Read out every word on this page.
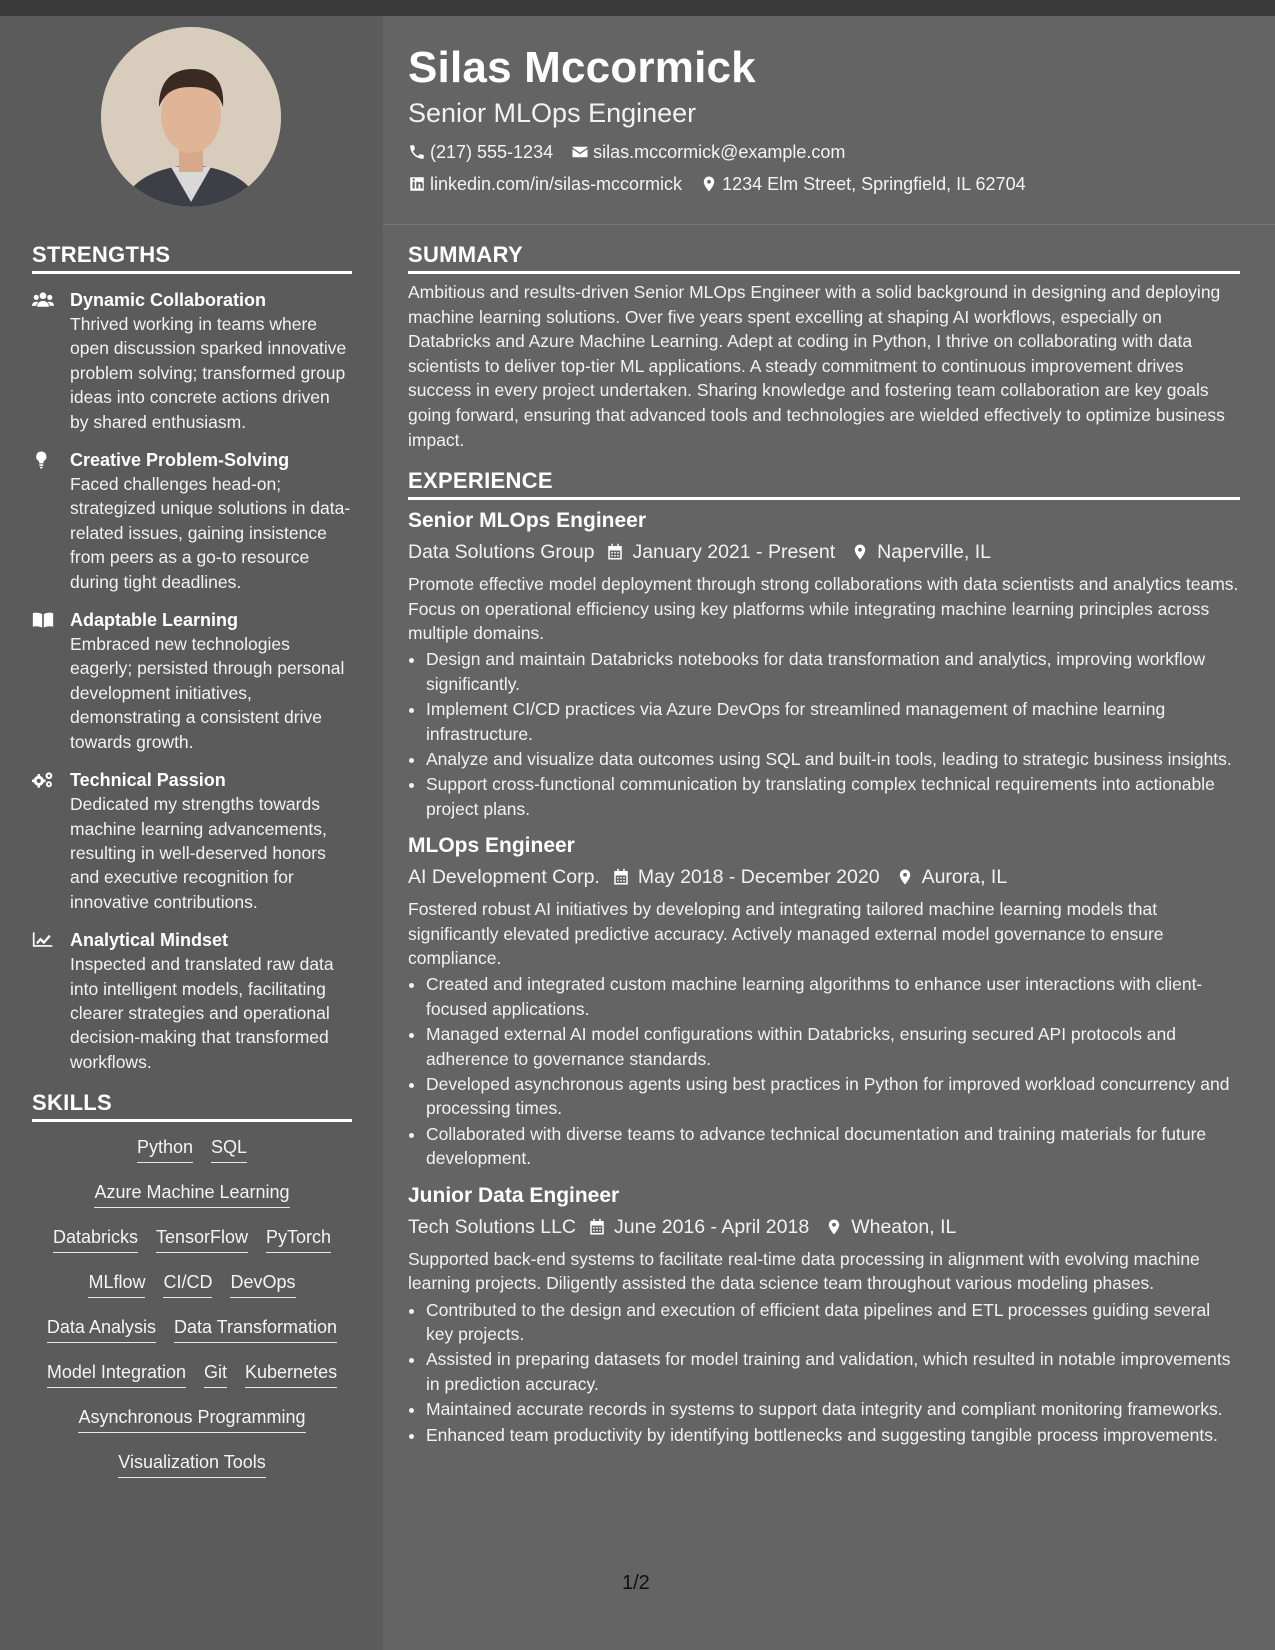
Silas Mccormick
Senior MLOps Engineer
(217) 555-1234 silas.mccormick@example.com
linkedin.com/in/silas-mccormick 1234 Elm Street, Springfield, IL 62704
STRENGTHS
Dynamic Collaboration
Thrived working in teams where open discussion sparked innovative problem solving; transformed group ideas into concrete actions driven by shared enthusiasm.
Creative Problem-Solving
Faced challenges head-on; strategized unique solutions in data-related issues, gaining insistence from peers as a go-to resource during tight deadlines.
Adaptable Learning
Embraced new technologies eagerly; persisted through personal development initiatives, demonstrating a consistent drive towards growth.
Technical Passion
Dedicated my strengths towards machine learning advancements, resulting in well-deserved honors and executive recognition for innovative contributions.
Analytical Mindset
Inspected and translated raw data into intelligent models, facilitating clearer strategies and operational decision-making that transformed workflows.
SKILLS
Python SQL
Azure Machine Learning
Databricks TensorFlow PyTorch
MLflow CI/CD DevOps
Data Analysis Data Transformation
Model Integration Git Kubernetes
Asynchronous Programming
Visualization Tools
SUMMARY

Ambitious and results-driven Senior MLOps Engineer with a solid background in designing and deploying machine learning solutions. Over five years spent excelling at shaping AI workflows, especially on Databricks and Azure Machine Learning. Adept at coding in Python, I thrive on collaborating with data scientists to deliver top-tier ML applications. A steady commitment to continuous improvement drives success in every project undertaken. Sharing knowledge and fostering team collaboration are key goals going forward, ensuring that advanced tools and technologies are wielded effectively to optimize business impact.

EXPERIENCE
Senior MLOps Engineer
Data Solutions Group January 2021 - Present Naperville, IL
Promote effective model deployment through strong collaborations with data scientists and analytics teams. Focus on operational efficiency using key platforms while integrating machine learning principles across multiple domains.
• Design and maintain Databricks notebooks for data transformation and analytics, improving workflow significantly.
• Implement CI/CD practices via Azure DevOps for streamlined management of machine learning infrastructure.
• Analyze and visualize data outcomes using SQL and built-in tools, leading to strategic business insights.
• Support cross-functional communication by translating complex technical requirements into actionable project plans.
MLOps Engineer
AI Development Corp. May 2018 - December 2020 Aurora, IL
Fostered robust AI initiatives by developing and integrating tailored machine learning models that significantly elevated predictive accuracy. Actively managed external model governance to ensure compliance.
• Created and integrated custom machine learning algorithms to enhance user interactions with client-focused applications.
• Managed external AI model configurations within Databricks, ensuring secured API protocols and adherence to governance standards.
• Developed asynchronous agents using best practices in Python for improved workload concurrency and processing times.
• Collaborated with diverse teams to advance technical documentation and training materials for future development.
Junior Data Engineer
Tech Solutions LLC June 2016 - April 2018 Wheaton, IL
Supported back-end systems to facilitate real-time data processing in alignment with evolving machine learning projects. Diligently assisted the data science team throughout various modeling phases.
• Contributed to the design and execution of efficient data pipelines and ETL processes guiding several key projects.
• Assisted in preparing datasets for model training and validation, which resulted in notable improvements in prediction accuracy.
• Maintained accurate records in systems to support data integrity and compliant monitoring frameworks.
• Enhanced team productivity by identifying bottlenecks and suggesting tangible process improvements.
1/2
